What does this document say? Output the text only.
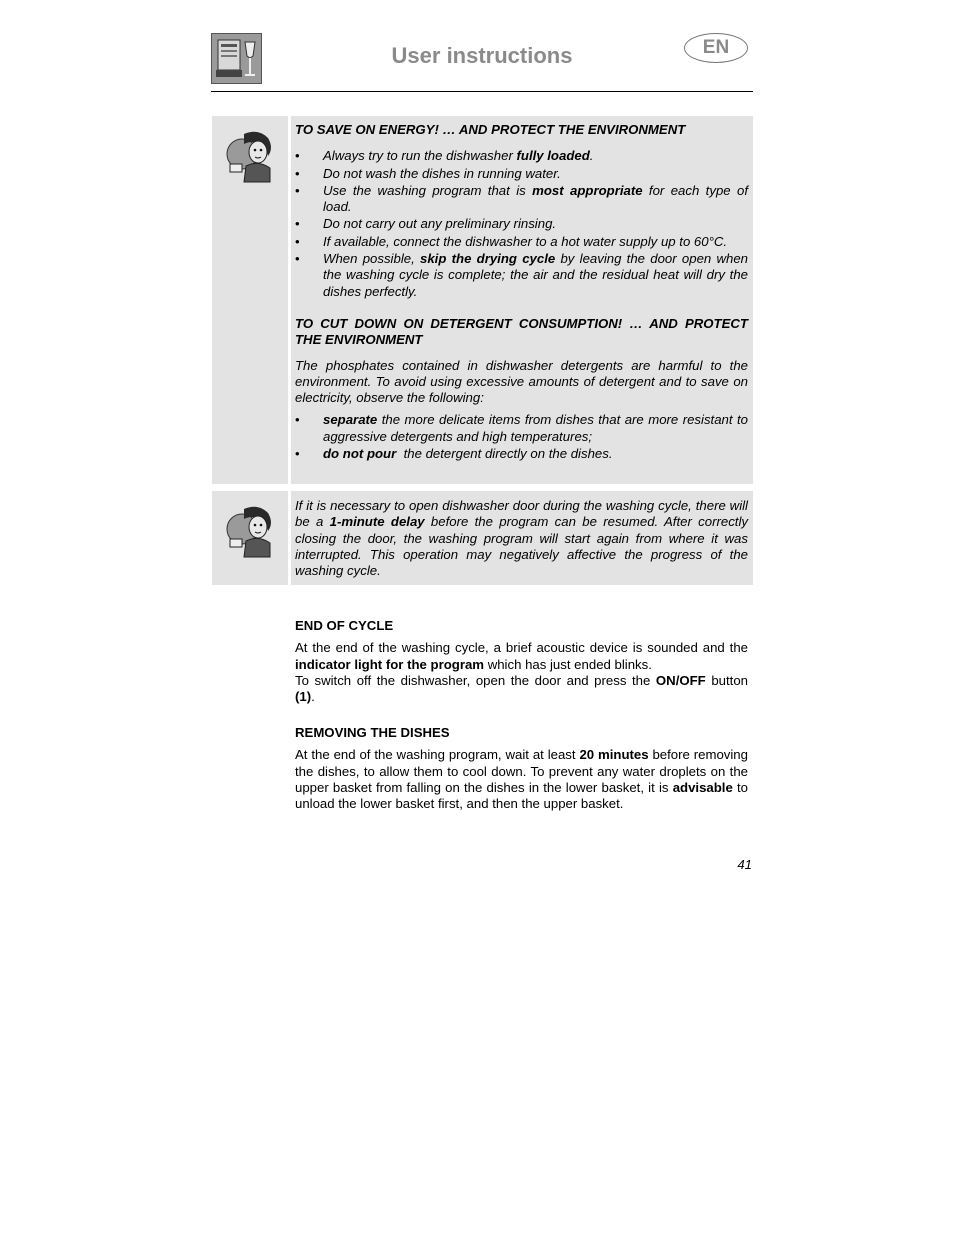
User instructions	EN
TO SAVE ON ENERGY! … AND PROTECT THE ENVIRONMENT
• Always try to run the dishwasher fully loaded.
• Do not wash the dishes in running water.
• Use the washing program that is most appropriate for each type of load.
• Do not carry out any preliminary rinsing.
• If available, connect the dishwasher to a hot water supply up to 60°C.
• When possible, skip the drying cycle by leaving the door open when the washing cycle is complete; the air and the residual heat will dry the dishes perfectly.
TO CUT DOWN ON DETERGENT CONSUMPTION! … AND PROTECT THE ENVIRONMENT

The phosphates contained in dishwasher detergents are harmful to the environment. To avoid using excessive amounts of detergent and to save on electricity, observe the following:

• separate the more delicate items from dishes that are more resistant to aggressive detergents and high temperatures;
• do not pour  the detergent directly on the dishes.

If it is necessary to open dishwasher door during the washing cycle, there will be a 1-minute delay before the program can be resumed. After correctly closing the door, the washing program will start again from where it was interrupted. This operation may negatively affective the progress of the washing cycle.

END OF CYCLE

At the end of the washing cycle, a brief acoustic device is sounded and the indicator light for the program which has just ended blinks.

To switch off the dishwasher, open the door and press the ON/OFF button (1).

REMOVING THE DISHES

At the end of the washing program, wait at least 20 minutes before removing the dishes, to allow them to cool down. To prevent any water droplets on the upper basket from falling on the dishes in the lower basket, it is advisable to unload the lower basket first, and then the upper basket.

41
